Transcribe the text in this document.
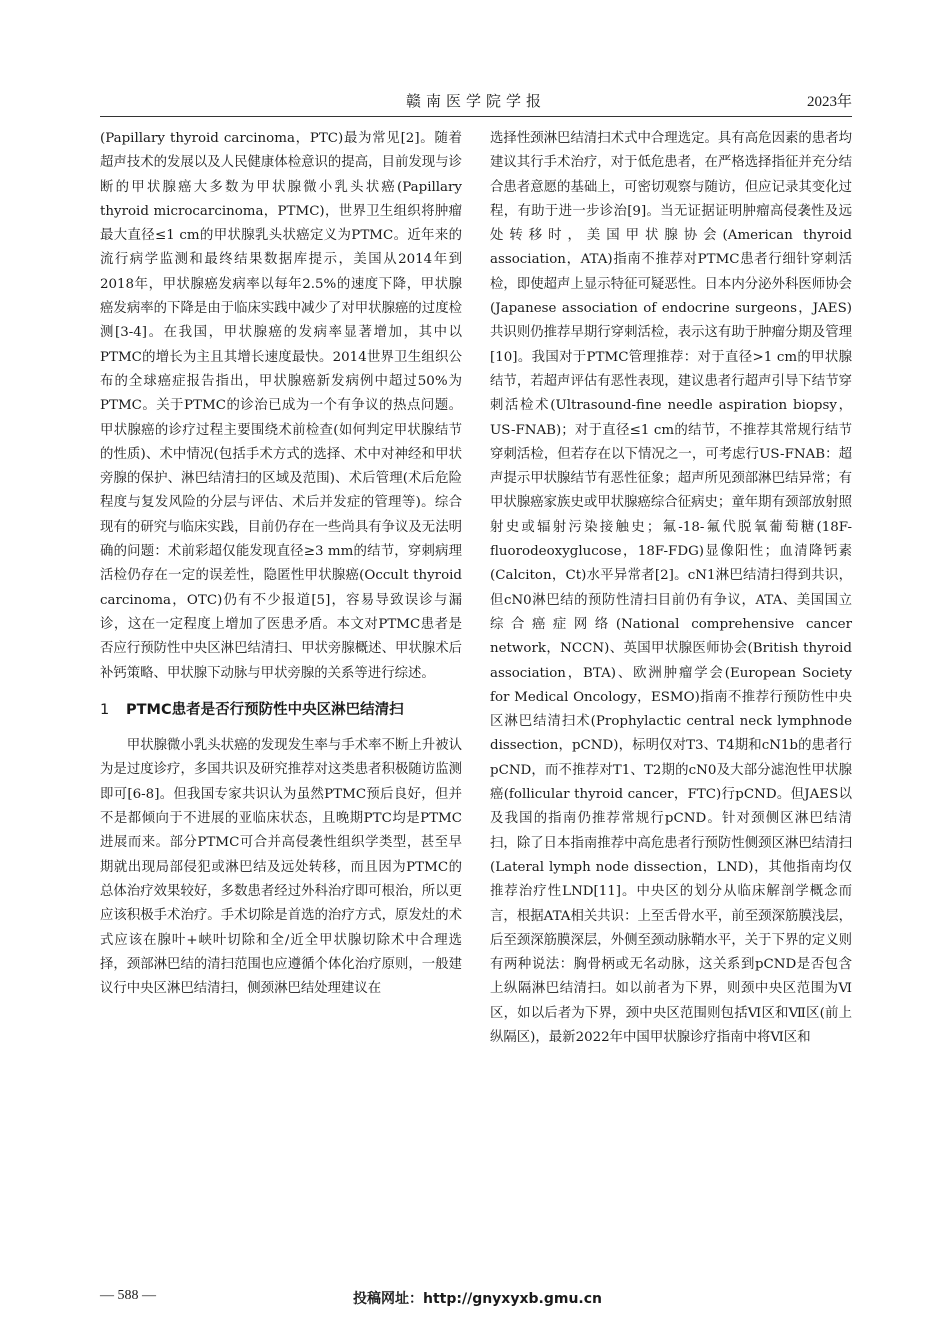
赣南医学院学报	2023年

(Papillary thyroid carcinoma，PTC)最为常见[2]。随着超声技术的发展以及人民健康体检意识的提高，目前发现与诊断的甲状腺癌大多数为甲状腺微小乳头状癌(Papillary thyroid microcarcinoma，PTMC)，世界卫生组织将肿瘤最大直径≤1 cm的甲状腺乳头状癌定义为PTMC。近年来的流行病学监测和最终结果数据库提示，美国从2014年到2018年，甲状腺癌发病率以每年2.5%的速度下降，甲状腺癌发病率的下降是由于临床实践中减少了对甲状腺癌的过度检测[3-4]。在我国，甲状腺癌的发病率显著增加，其中以PTMC的增长为主且其增长速度最快。2014世界卫生组织公布的全球癌症报告指出，甲状腺癌新发病例中超过50%为PTMC。关于PTMC的诊治已成为一个有争议的热点问题。甲状腺癌的诊疗过程主要围绕术前检查(如何判定甲状腺结节的性质)、术中情况(包括手术方式的选择、术中对神经和甲状旁腺的保护、淋巴结清扫的区域及范围)、术后管理(术后危险程度与复发风险的分层与评估、术后并发症的管理等)。综合现有的研究与临床实践，目前仍存在一些尚具有争议及无法明确的问题：术前彩超仅能发现直径≥3 mm的结节，穿刺病理活检仍存在一定的误差性，隐匿性甲状腺癌(Occult thyroid carcinoma，OTC)仍有不少报道[5]，容易导致误诊与漏诊，这在一定程度上增加了医患矛盾。本文对PTMC患者是否应行预防性中央区淋巴结清扫、甲状旁腺概述、甲状腺术后补钙策略、甲状腺下动脉与甲状旁腺的关系等进行综述。

1 PTMC患者是否行预防性中央区淋巴结清扫

甲状腺微小乳头状癌的发现发生率与手术率不断上升被认为是过度诊疗，多国共识及研究推荐对这类患者积极随访监测即可[6-8]。但我国专家共识认为虽然PTMC预后良好，但并不是都倾向于不进展的亚临床状态，且晚期PTC均是PTMC进展而来。部分PTMC可合并高侵袭性组织学类型，甚至早期就出现局部侵犯或淋巴结及远处转移，而且因为PTMC的总体治疗效果较好，多数患者经过外科治疗即可根治，所以更应该积极手术治疗。手术切除是首选的治疗方式，原发灶的术式应该在腺叶+峡叶切除和全/近全甲状腺切除术中合理选择，颈部淋巴结的清扫范围也应遵循个体化治疗原则，一般建议行中央区淋巴结清扫，侧颈淋巴结处理建议在

选择性颈淋巴结清扫术式中合理选定。具有高危因素的患者均建议其行手术治疗，对于低危患者，在严格选择指征并充分结合患者意愿的基础上，可密切观察与随访，但应记录其变化过程，有助于进一步诊治[9]。当无证据证明肿瘤高侵袭性及远处转移时，美国甲状腺协会(American thyroid association，ATA)指南不推荐对PTMC患者行细针穿刺活检，即使超声上显示特征可疑恶性。日本内分泌外科医师协会(Japanese association of endocrine surgeons，JAES)共识则仍推荐早期行穿刺活检，表示这有助于肿瘤分期及管理[10]。我国对于PTMC管理推荐：对于直径>1 cm的甲状腺结节，若超声评估有恶性表现，建议患者行超声引导下结节穿刺活检术(Ultrasound-fine needle aspiration biopsy，US-FNAB)；对于直径≤1 cm的结节，不推荐其常规行结节穿刺活检，但若存在以下情况之一，可考虑行US-FNAB：超声提示甲状腺结节有恶性征象；超声所见颈部淋巴结异常；有甲状腺癌家族史或甲状腺癌综合征病史；童年期有颈部放射照射史或辐射污染接触史；氟-18-氟代脱氧葡萄糖(18F-fluorodeoxyglucose，18F-FDG)显像阳性；血清降钙素(Calciton，Ct)水平异常者[2]。cN1淋巴结清扫得到共识，但cN0淋巴结的预防性清扫目前仍有争议，ATA、美国国立综合癌症网络(National comprehensive cancer network，NCCN)、英国甲状腺医师协会(British thyroid association，BTA)、欧洲肿瘤学会(European Society for Medical Oncology，ESMO)指南不推荐行预防性中央区淋巴结清扫术(Prophylactic central neck lymphnode dissection，pCND)，标明仅对T3、T4期和cN1b的患者行pCND，而不推荐对T1、T2期的cN0及大部分滤泡性甲状腺癌(follicular thyroid cancer，FTC)行pCND。但JAES以及我国的指南仍推荐常规行pCND。针对颈侧区淋巴结清扫，除了日本指南推荐中高危患者行预防性侧颈区淋巴结清扫(Lateral lymph node dissection，LND)，其他指南均仅推荐治疗性LND[11]。中央区的划分从临床解剖学概念而言，根据ATA相关共识：上至舌骨水平，前至颈深筋膜浅层，后至颈深筋膜深层，外侧至颈动脉鞘水平，关于下界的定义则有两种说法：胸骨柄或无名动脉，这关系到pCND是否包含上纵隔淋巴结清扫。如以前者为下界，则颈中央区范围为Ⅵ区，如以后者为下界，颈中央区范围则包括Ⅵ区和Ⅶ区(前上纵隔区)，最新2022年中国甲状腺诊疗指南中将Ⅵ区和

— 588 —	投稿网址：http://gnyxyxb.gmu.cn
